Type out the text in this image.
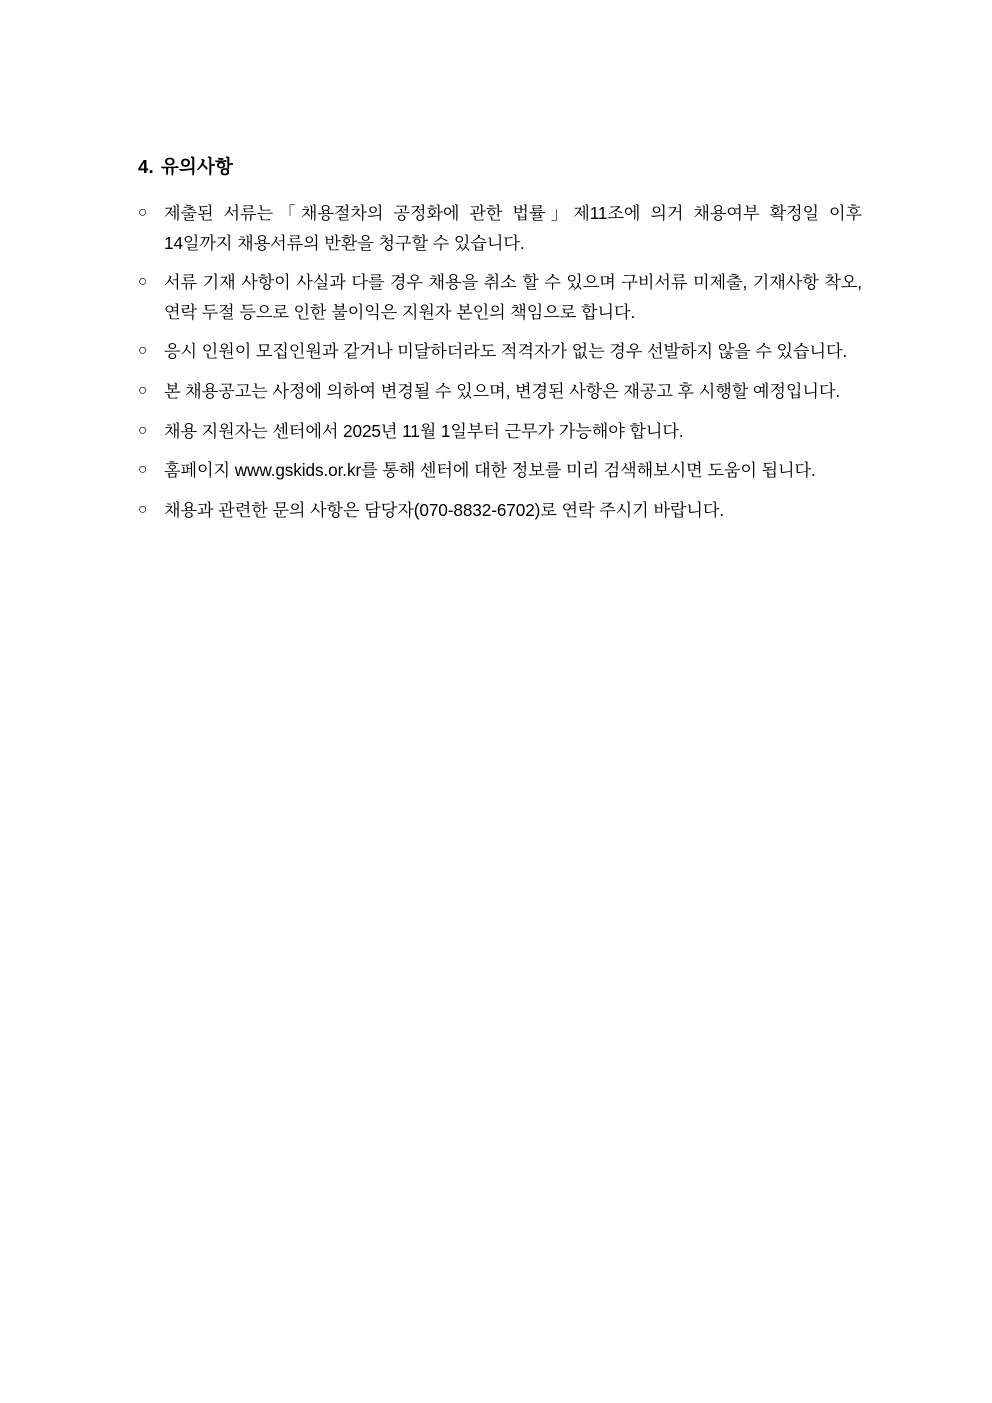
4. 유의사항
○ 제출된 서류는「채용절차의 공정화에 관한 법률」제11조에 의거 채용여부 확정일 이후 14일까지 채용서류의 반환을 청구할 수 있습니다.
○ 서류 기재 사항이 사실과 다를 경우 채용을 취소 할 수 있으며 구비서류 미제출, 기재사항 착오, 연락 두절 등으로 인한 불이익은 지원자 본인의 책임으로 합니다.
○ 응시 인원이 모집인원과 같거나 미달하더라도 적격자가 없는 경우 선발하지 않을 수 있습니다.
○ 본 채용공고는 사정에 의하여 변경될 수 있으며, 변경된 사항은 재공고 후 시행할 예정입니다.
○ 채용 지원자는 센터에서 2025년 11월 1일부터 근무가 가능해야 합니다.
○ 홈페이지 www.gskids.or.kr를 통해 센터에 대한 정보를 미리 검색해보시면 도움이 됩니다.
○ 채용과 관련한 문의 사항은 담당자(070-8832-6702)로 연락 주시기 바랍니다.
